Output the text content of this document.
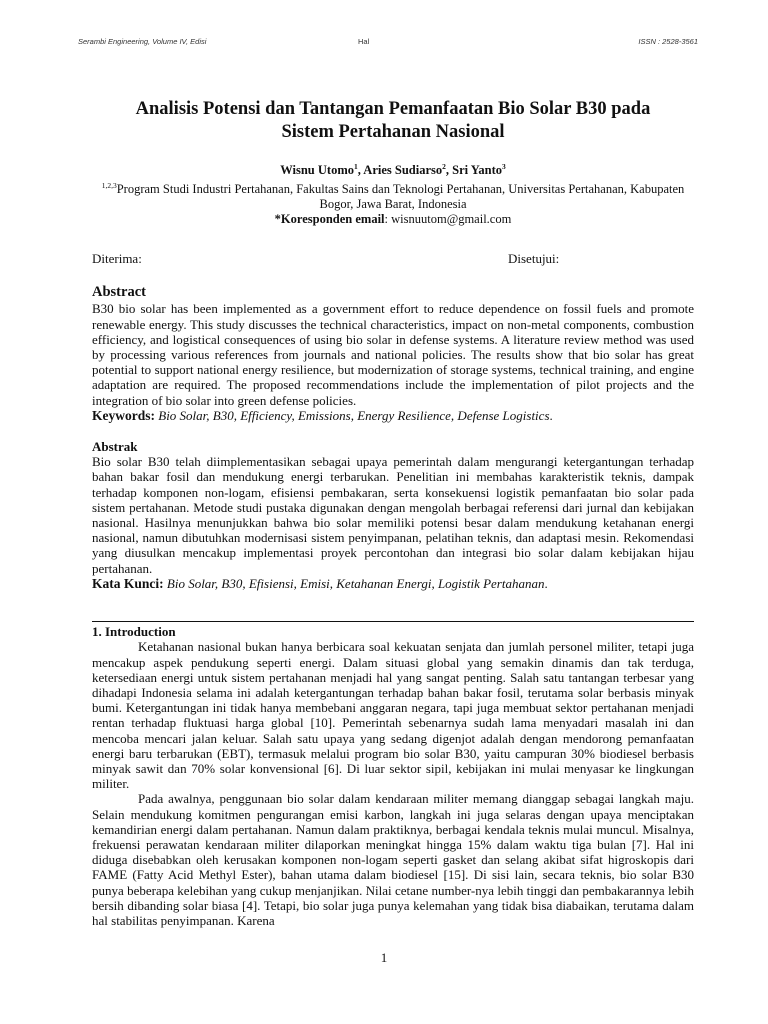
Serambi Engineering, Volume IV, Edisi	Hal	ISSN : 2528-3561
Analisis Potensi dan Tantangan Pemanfaatan Bio Solar B30 pada
Sistem Pertahanan Nasional
Wisnu Utomo$^1$, Aries Sudiarso$^2$, Sri Yanto$^3$
$^{1,2,3}$Program Studi Industri Pertahanan, Fakultas Sains dan Teknologi Pertahanan, Universitas Pertahanan, Kabupaten Bogor, Jawa Barat, Indonesia
*Koresponden email: wisnuutom@gmail.com
Diterima:	Disetujui:
Abstract

B30 bio solar has been implemented as a government effort to reduce dependence on fossil fuels and promote renewable energy. This study discusses the technical characteristics, impact on non-metal components, combustion efficiency, and logistical consequences of using bio solar in defense systems. A literature review method was used by processing various references from journals and national policies. The results show that bio solar has great potential to support national energy resilience, but modernization of storage systems, technical training, and engine adaptation are required. The proposed recommendations include the implementation of pilot projects and the integration of bio solar into green defense policies.

Keywords: Bio Solar, B30, Efficiency, Emissions, Energy Resilience, Defense Logistics.
Abstrak

Bio solar B30 telah diimplementasikan sebagai upaya pemerintah dalam mengurangi ketergantungan terhadap bahan bakar fosil dan mendukung energi terbarukan. Penelitian ini membahas karakteristik teknis, dampak terhadap komponen non-logam, efisiensi pembakaran, serta konsekuensi logistik pemanfaatan bio solar pada sistem pertahanan. Metode studi pustaka digunakan dengan mengolah berbagai referensi dari jurnal dan kebijakan nasional. Hasilnya menunjukkan bahwa bio solar memiliki potensi besar dalam mendukung ketahanan energi nasional, namun dibutuhkan modernisasi sistem penyimpanan, pelatihan teknis, dan adaptasi mesin. Rekomendasi yang diusulkan mencakup implementasi proyek percontohan dan integrasi bio solar dalam kebijakan hijau pertahanan.

Kata Kunci: Bio Solar, B30, Efisiensi, Emisi, Ketahanan Energi, Logistik Pertahanan.
1. Introduction

Ketahanan nasional bukan hanya berbicara soal kekuatan senjata dan jumlah personel militer, tetapi juga mencakup aspek pendukung seperti energi. Dalam situasi global yang semakin dinamis dan tak terduga, ketersediaan energi untuk sistem pertahanan menjadi hal yang sangat penting. Salah satu tantangan terbesar yang dihadapi Indonesia selama ini adalah ketergantungan terhadap bahan bakar fosil, terutama solar berbasis minyak bumi. Ketergantungan ini tidak hanya membebani anggaran negara, tapi juga membuat sektor pertahanan menjadi rentan terhadap fluktuasi harga global [10]. Pemerintah sebenarnya sudah lama menyadari masalah ini dan mencoba mencari jalan keluar. Salah satu upaya yang sedang digenjot adalah dengan mendorong pemanfaatan energi baru terbarukan (EBT), termasuk melalui program bio solar B30, yaitu campuran 30% biodiesel berbasis minyak sawit dan 70% solar konvensional [6]. Di luar sektor sipil, kebijakan ini mulai menyasar ke lingkungan militer.

Pada awalnya, penggunaan bio solar dalam kendaraan militer memang dianggap sebagai langkah maju. Selain mendukung komitmen pengurangan emisi karbon, langkah ini juga selaras dengan upaya menciptakan kemandirian energi dalam pertahanan. Namun dalam praktiknya, berbagai kendala teknis mulai muncul. Misalnya, frekuensi perawatan kendaraan militer dilaporkan meningkat hingga 15% dalam waktu tiga bulan [7]. Hal ini diduga disebabkan oleh kerusakan komponen non-logam seperti gasket dan selang akibat sifat higroskopis dari FAME (Fatty Acid Methyl Ester), bahan utama dalam biodiesel [15]. Di sisi lain, secara teknis, bio solar B30 punya beberapa kelebihan yang cukup menjanjikan. Nilai cetane number-nya lebih tinggi dan pembakarannya lebih bersih dibanding solar biasa [4]. Tetapi, bio solar juga punya kelemahan yang tidak bisa diabaikan, terutama dalam hal stabilitas penyimpanan. Karena

1
